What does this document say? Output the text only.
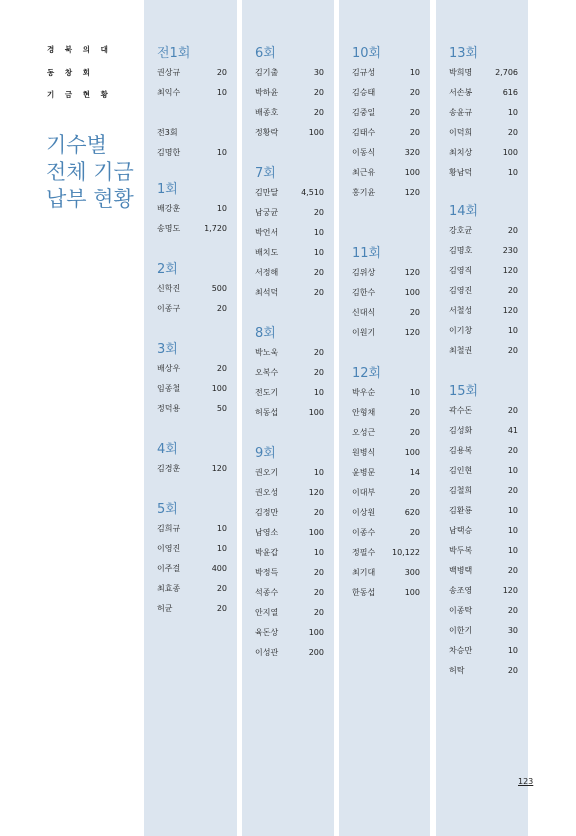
경 북 의 대
동 창 회
기 금 현 황
기수별
전체 기금
납부 현황
전1회
권상규	20
최익수	10
전3회
김명한	10
1회
배강훈	10
송명도	1,720
2회
신학진	500
이종구	20
3회
배상우	20
임종철	100
정덕용	50
4회
김경훈	120
5회
김희규	10
이영진	10
이주걸	400
최효종	20
허균	20
6회
김기출	30
박하윤	20
배종호	20
정황락	100
7회
김만달	4,510
남궁균	20
박언서	10
배치도	10
서정해	20
최석덕	20
8회
박노욱	20
오복수	20
전도기	10
허동섭	100
9회
권오기	10
권오성	120
김정만	20
남영소	100
박윤갑	10
박정득	20
석종수	20
안지열	20
육돈상	100
이성관	200
10회
김규성	10
김승태	20
김중일	20
김태수	20
이동식	320
최근유	100
홍기윤	120
11회
김위상	120
김한수	100
신대식	20
이원기	120
12회
박우순	10
안형채	20
오성근	20
원병식	100
윤병문	14
이대부	20
이상원	620
이종수	20
정필수 10,122
최기대	300
한동섭	100
13회
박희명	2,706
서손봉	616
송윤규	10
이덕희	20
최치상	100
황남덕	10
14회
강호균	20
김명호	230
김영직	120
김영진	20
서철성	120
이기창	10
최철권	20
15회
곽수돈	20
김성화	41
김용복	20
김인현	10
김철희	20
김환룡	10
남택승	10
박두복	10
백병택	20
송조영	120
이종탁	20
이한기	30
차승만	10
허탁	20
123
